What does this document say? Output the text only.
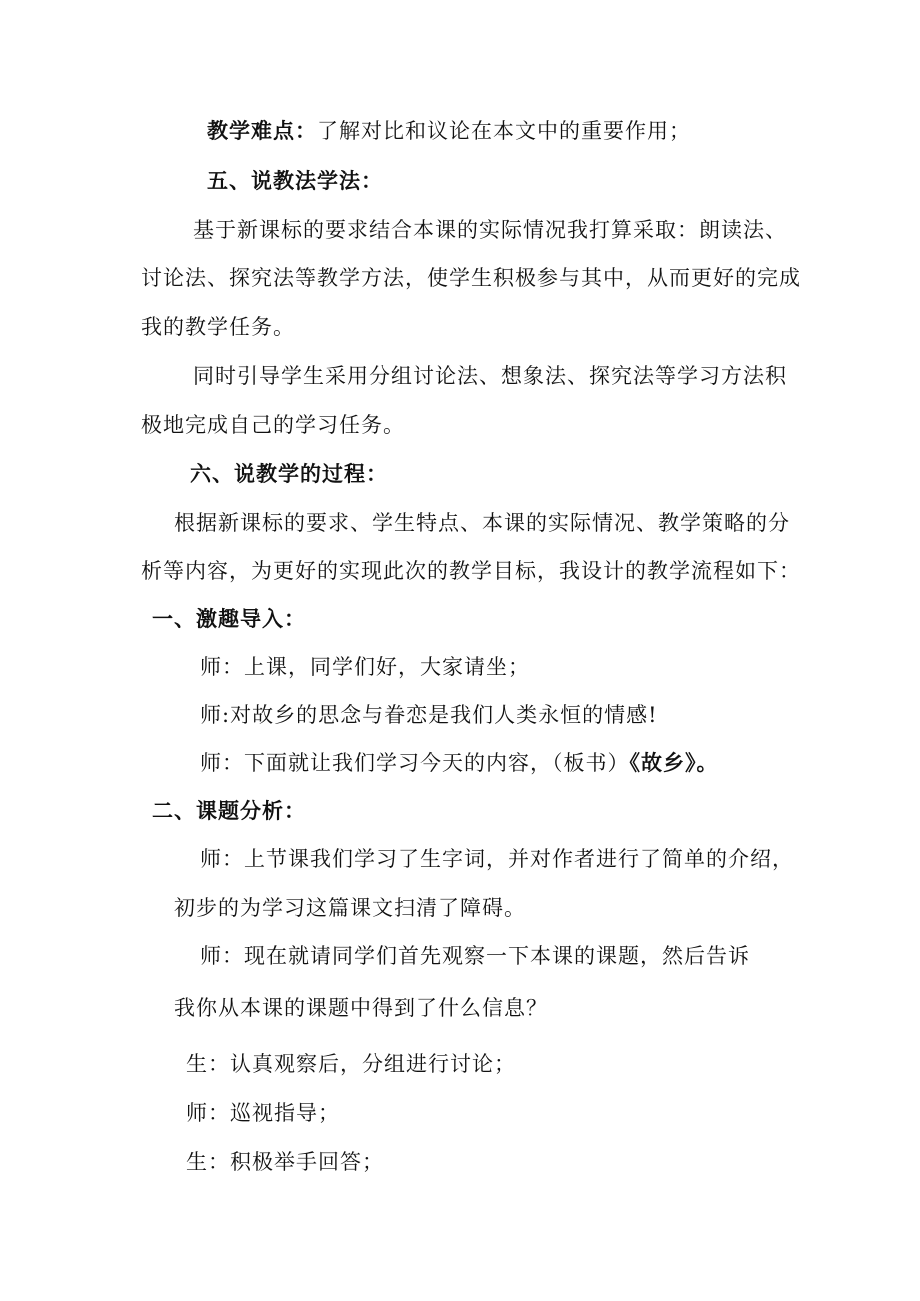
教学难点：了解对比和议论在本文中的重要作用；
五、说教法学法：
基于新课标的要求结合本课的实际情况我打算采取：朗读法、
讨论法、探究法等教学方法，使学生积极参与其中，从而更好的完成
我的教学任务。
同时引导学生采用分组讨论法、想象法、探究法等学习方法积
极地完成自己的学习任务。
六、说教学的过程：
根据新课标的要求、学生特点、本课的实际情况、教学策略的分
析等内容，为更好的实现此次的教学目标，我设计的教学流程如下：
一、激趣导入：
师：上课，同学们好，大家请坐；
师:对故乡的思念与眷恋是我们人类永恒的情感!
师：下面就让我们学习今天的内容，（板书）《故乡》。
二、课题分析：
师：上节课我们学习了生字词，并对作者进行了简单的介绍，
初步的为学习这篇课文扫清了障碍。
师：现在就请同学们首先观察一下本课的课题，然后告诉
我你从本课的课题中得到了什么信息？
生：认真观察后，分组进行讨论；
师：巡视指导；
生：积极举手回答；
